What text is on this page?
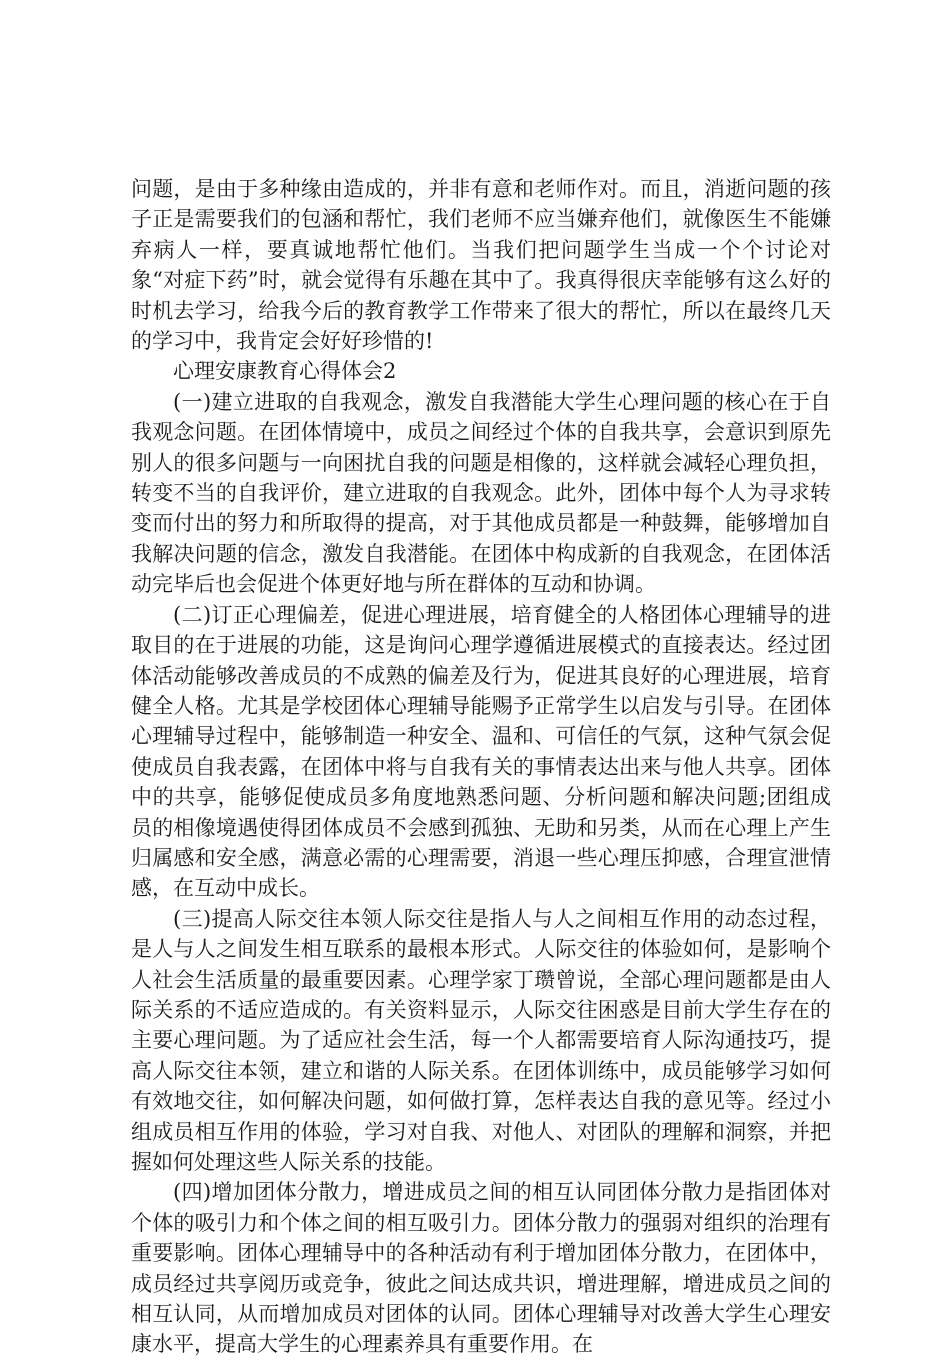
问题，是由于多种缘由造成的，并非有意和老师作对。而且，消逝问题的孩子正是需要我们的包涵和帮忙，我们老师不应当嫌弃他们，就像医生不能嫌弃病人一样，要真诚地帮忙他们。当我们把问题学生当成一个个讨论对象“对症下药”时，就会觉得有乐趣在其中了。我真得很庆幸能够有这么好的时机去学习，给我今后的教育教学工作带来了很大的帮忙，所以在最终几天的学习中，我肯定会好好珍惜的!

心理安康教育心得体会2

(一)建立进取的自我观念，激发自我潜能大学生心理问题的核心在于自我观念问题。在团体情境中，成员之间经过个体的自我共享，会意识到原先别人的很多问题与一向困扰自我的问题是相像的，这样就会减轻心理负担，转变不当的自我评价，建立进取的自我观念。此外，团体中每个人为寻求转变而付出的努力和所取得的提高，对于其他成员都是一种鼓舞，能够增加自我解决问题的信念，激发自我潜能。在团体中构成新的自我观念，在团体活动完毕后也会促进个体更好地与所在群体的互动和协调。

(二)订正心理偏差，促进心理进展，培育健全的人格团体心理辅导的进取目的在于进展的功能，这是询问心理学遵循进展模式的直接表达。经过团体活动能够改善成员的不成熟的偏差及行为，促进其良好的心理进展，培育健全人格。尤其是学校团体心理辅导能赐予正常学生以启发与引导。在团体心理辅导过程中，能够制造一种安全、温和、可信任的气氛，这种气氛会促使成员自我表露，在团体中将与自我有关的事情表达出来与他人共享。团体中的共享，能够促使成员多角度地熟悉问题、分析问题和解决问题;团组成员的相像境遇使得团体成员不会感到孤独、无助和另类，从而在心理上产生归属感和安全感，满意必需的心理需要，消退一些心理压抑感，合理宣泄情感，在互动中成长。

(三)提高人际交往本领人际交往是指人与人之间相互作用的动态过程，是人与人之间发生相互联系的最根本形式。人际交往的体验如何，是影响个人社会生活质量的最重要因素。心理学家丁瓒曾说，全部心理问题都是由人际关系的不适应造成的。有关资料显示，人际交往困惑是目前大学生存在的主要心理问题。为了适应社会生活，每一个人都需要培育人际沟通技巧，提高人际交往本领，建立和谐的人际关系。在团体训练中，成员能够学习如何有效地交往，如何解决问题，如何做打算，怎样表达自我的意见等。经过小组成员相互作用的体验，学习对自我、对他人、对团队的理解和洞察，并把握如何处理这些人际关系的技能。

(四)增加团体分散力，增进成员之间的相互认同团体分散力是指团体对个体的吸引力和个体之间的相互吸引力。团体分散力的强弱对组织的治理有重要影响。团体心理辅导中的各种活动有利于增加团体分散力，在团体中，成员经过共享阅历或竞争，彼此之间达成共识，增进理解，增进成员之间的相互认同，从而增加成员对团体的认同。团体心理辅导对改善大学生心理安康水平，提高大学生的心理素养具有重要作用。在
